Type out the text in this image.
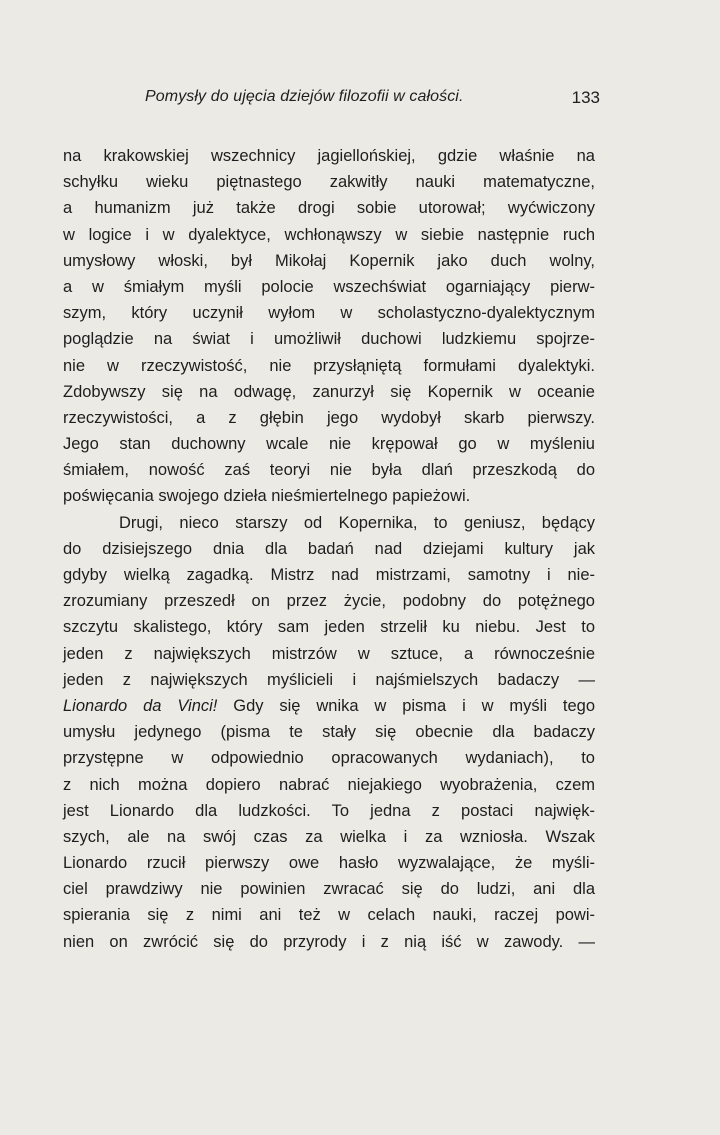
Pomysły do ujęcia dziejów filozofii w całości.	133
na krakowskiej wszechnicy jagiellońskiej, gdzie właśnie na
schyłku wieku piętnastego zakwitły nauki matematyczne,
a humanizm już także drogi sobie utorował; wyćwiczony
w logice i w dyalektyce, wchłonąwszy w siebie następnie ruch
umysłowy włoski, był Mikołaj Kopernik jako duch wolny,
a w śmiałym myśli polocie wszechświat ogarniający pierw-
szym, który uczynił wyłom w scholastyczno-dyalektycznym
poglądzie na świat i umożliwił duchowi ludzkiemu spojrze-
nie w rzeczywistość, nie przysłąniętą formułami dyalektyki.
Zdobywszy się na odwagę, zanurzył się Kopernik w oceanie
rzeczywistości, a z głębin jego wydobył skarb pierwszy.
Jego stan duchowny wcale nie krępował go w myśleniu
śmiałem, nowość zaś teoryi nie była dlań przeszkodą do
poświęcania swojego dzieła nieśmiertelnego papieżowi.
Drugi, nieco starszy od Kopernika, to geniusz, będący
do dzisiejszego dnia dla badań nad dziejami kultury jak
gdyby wielką zagadką. Mistrz nad mistrzami, samotny i nie-
zrozumiany przeszedł on przez życie, podobny do potężnego
szczytu skalistego, który sam jeden strzelił ku niebu. Jest to
jeden z największych mistrzów w sztuce, a równocześnie
jeden z największych myślicieli i najśmielszych badaczy —
Lionardo da Vinci! Gdy się wnika w pisma i w myśli tego
umysłu jedynego (pisma te stały się obecnie dla badaczy
przystępne w odpowiednio opracowanych wydaniach), to
z nich można dopiero nabrać niejakiego wyobrażenia, czem
jest Lionardo dla ludzkości. To jedna z postaci najwięk-
szych, ale na swój czas za wielka i za wzniosła. Wszak
Lionardo rzucił pierwszy owe hasło wyzwalające, że myśli-
ciel prawdziwy nie powinien zwracać się do ludzi, ani dla
spierania się z nimi ani też w celach nauki, raczej powi-
nien on zwrócić się do przyrody i z nią iść w zawody. —
